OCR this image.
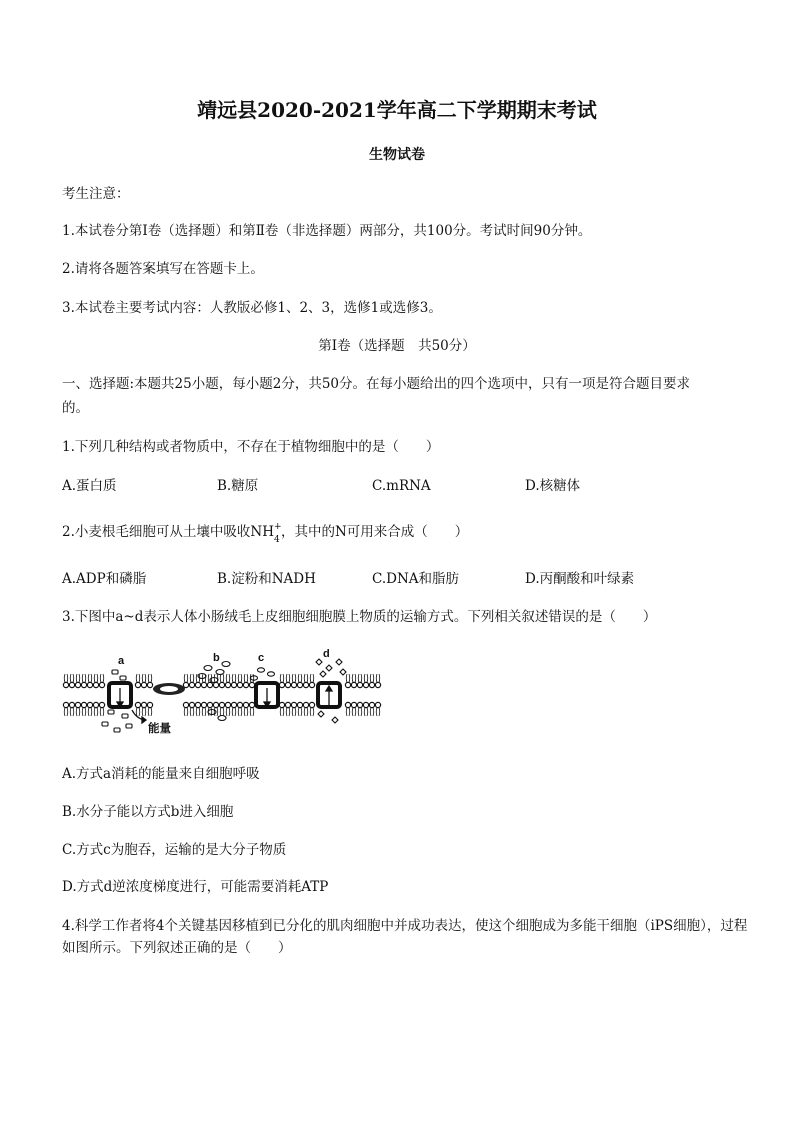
靖远县2020-2021学年高二下学期期末考试
生物试卷
考生注意：
1.本试卷分第Ⅰ卷（选择题）和第Ⅱ卷（非选择题）两部分，共100分。考试时间90分钟。
2.请将各题答案填写在答题卡上。
3.本试卷主要考试内容：人教版必修1、2、3，选修1或选修3。
第Ⅰ卷（选择题　共50分）
一、选择题:本题共25小题，每小题2分，共50分。在每小题给出的四个选项中，只有一项是符合题目要求
的。
1.下列几种结构或者物质中，不存在于植物细胞中的是（　　）
A.蛋白质	B.糖原	C.mRNA	D.核糖体
2.小麦根毛细胞可从土壤中吸收NH +
4 ，其中的N可用来合成（　　）
A.ADP和磷脂	B.淀粉和NADH	C.DNA和脂肪	D.丙酮酸和叶绿素
3.下图中a~d表示人体小肠绒毛上皮细胞细胞膜上物质的运输方式。下列相关叙述错误的是（　　）
a	b	c	d
能量
A.方式a消耗的能量来自细胞呼吸
B.水分子能以方式b进入细胞
C.方式c为胞吞，运输的是大分子物质
D.方式d逆浓度梯度进行，可能需要消耗ATP
4.科学工作者将4个关键基因移植到已分化的肌肉细胞中并成功表达，使这个细胞成为多能干细胞（iPS细胞），过程如图所示。下列叙述正确的是（　　）
